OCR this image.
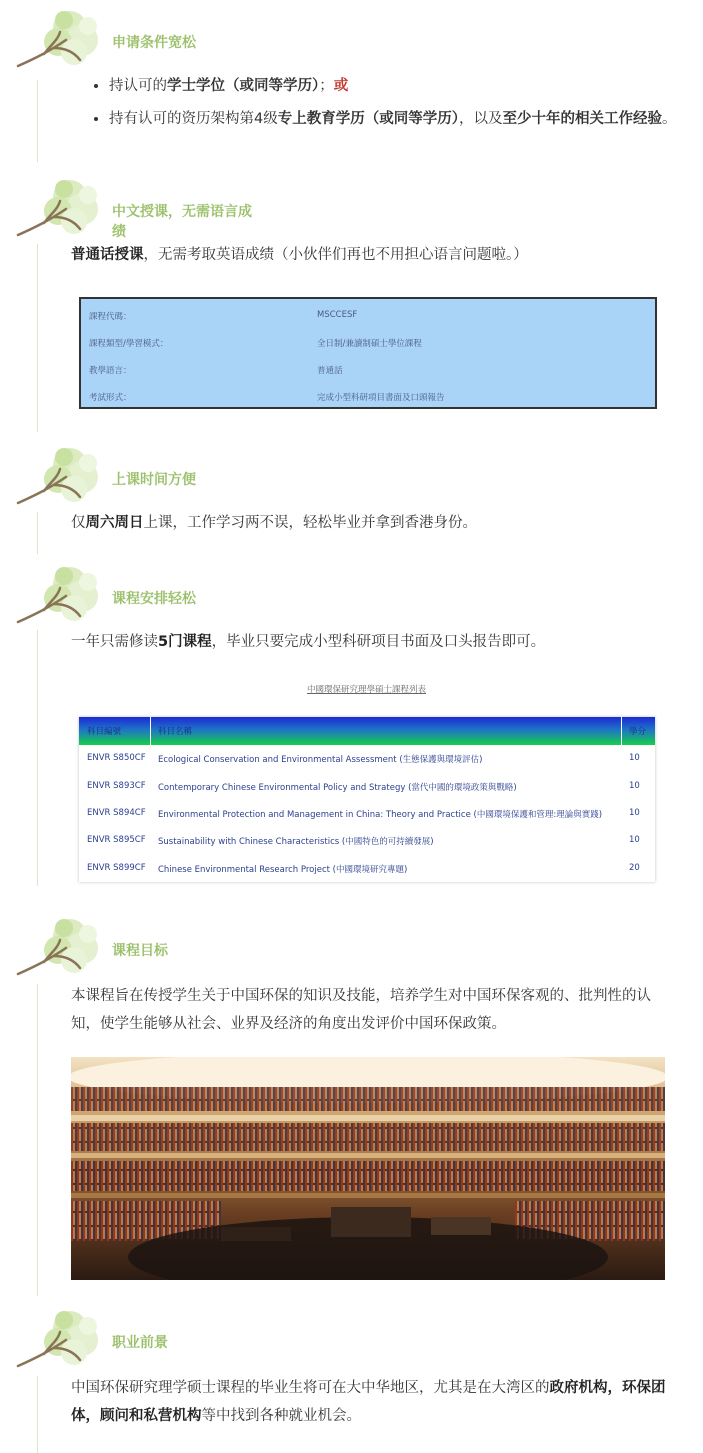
申请条件宽松
• 持认可的学士学位（或同等学历）；或
• 持有认可的资历架构第4级专上教育学历（或同等学历），以及至少十年的相关工作经验。
中文授课，无需语言成绩
普通话授课，无需考取英语成绩（小伙伴们再也不用担心语言问题啦。）
課程代碼：	MSCCESF
課程類型/學習模式：	全日制/兼讀制碩士學位課程
教學語言：	普通話
考試形式：	完成小型科研項目書面及口頭報告
上课时间方便
仅周六周日上课，工作学习两不误，轻松毕业并拿到香港身份。
课程安排轻松
一年只需修读5门课程，毕业只要完成小型科研项目书面及口头报告即可。
中國環保研究理學碩士課程列表
科目編號	科目名稱	學分
ENVR S850CF Ecological Conservation and Environmental Assessment (生態保護與環境評估)	10
ENVR S893CF Contemporary Chinese Environmental Policy and Strategy (當代中國的環境政策與戰略)	10
ENVR S894CF Environmental Protection and Management in China: Theory and Practice (中國環境保護和管理:理論與實踐)	10
ENVR S895CF Sustainability with Chinese Characteristics (中國特色的可持續發展)	10
ENVR S899CF Chinese Environmental Research Project (中國環境研究專題)	20
课程目标
本课程旨在传授学生关于中国环保的知识及技能，培养学生对中国环保客观的、批判性的认知，使学生能够从社会、业界及经济的角度出发评价中国环保政策。
职业前景
中国环保研究理学硕士课程的毕业生将可在大中华地区，尤其是在大湾区的政府机构，环保团体，顾问和私营机构等中找到各种就业机会。
